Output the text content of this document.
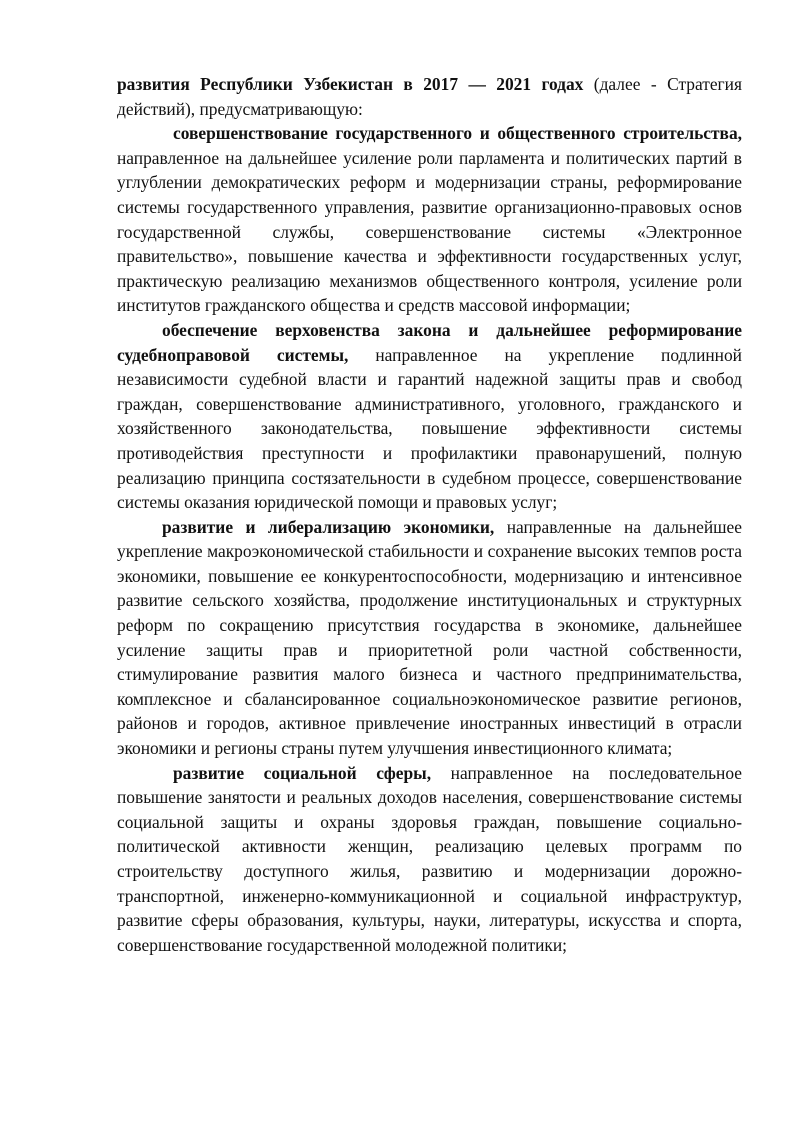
развития Республики Узбекистан в 2017 — 2021 годах (далее - Стратегия действий), предусматривающую:

совершенствование государственного и общественного строительства, направленное на дальнейшее усиление роли парламента и политических партий в углублении демократических реформ и модернизации страны, реформирование системы государственного управления, развитие организационно-правовых основ государственной службы, совершенствование системы «Электронное правительство», повышение качества и эффективности государственных услуг, практическую реализацию механизмов общественного контроля, усиление роли институтов гражданского общества и средств массовой информации;

обеспечение верховенства закона и дальнейшее реформирование судебноправовой системы, направленное на укрепление подлинной независимости судебной власти и гарантий надежной защиты прав и свобод граждан, совершенствование административного, уголовного, гражданского и хозяйственного законодательства, повышение эффективности системы противодействия преступности и профилактики правонарушений, полную реализацию принципа состязательности в судебном процессе, совершенствование системы оказания юридической помощи и правовых услуг;

развитие и либерализацию экономики, направленные на дальнейшее укрепление макроэкономической стабильности и сохранение высоких темпов роста экономики, повышение ее конкурентоспособности, модернизацию и интенсивное развитие сельского хозяйства, продолжение институциональных и структурных реформ по сокращению присутствия государства в экономике, дальнейшее усиление защиты прав и приоритетной роли частной собственности, стимулирование развития малого бизнеса и частного предпринимательства, комплексное и сбалансированное социальноэкономическое развитие регионов, районов и городов, активное привлечение иностранных инвестиций в отрасли экономики и регионы страны путем улучшения инвестиционного климата;

развитие социальной сферы, направленное на последовательное повышение занятости и реальных доходов населения, совершенствование системы социальной защиты и охраны здоровья граждан, повышение социально-политической активности женщин, реализацию целевых программ по строительству доступного жилья, развитию и модернизации дорожно-транспортной, инженерно-коммуникационной и социальной инфраструктур, развитие сферы образования, культуры, науки, литературы, искусства и спорта, совершенствование государственной молодежной политики;
